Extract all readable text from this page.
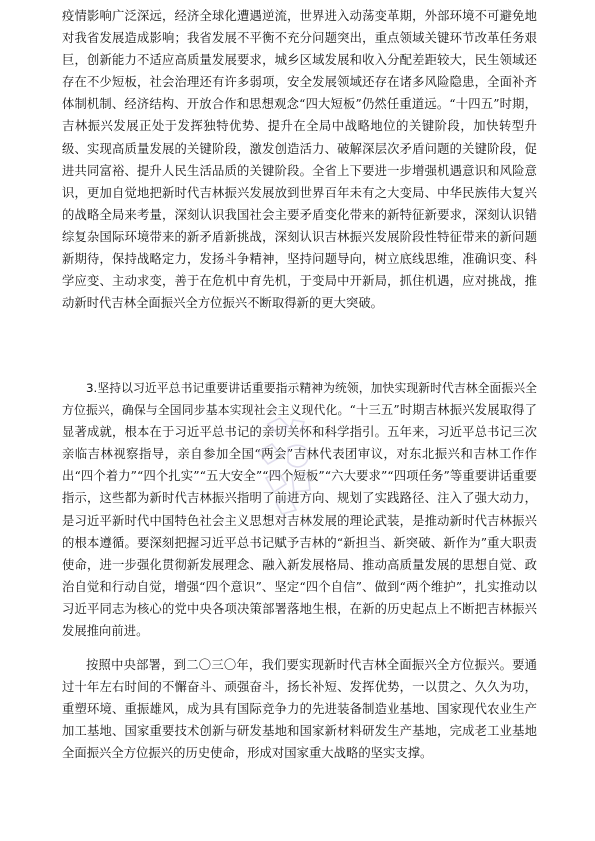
疫情影响广泛深远，经济全球化遭遇逆流，世界进入动荡变革期，外部环境不可避免地对我省发展造成影响；我省发展不平衡不充分问题突出，重点领域关键环节改革任务艰巨，创新能力不适应高质量发展要求，城乡区域发展和收入分配差距较大，民生领域还存在不少短板，社会治理还有许多弱项，安全发展领域还存在诸多风险隐患，全面补齐体制机制、经济结构、开放合作和思想观念“四大短板”仍然任重道远。“十四五”时期，吉林振兴发展正处于发挥独特优势、提升在全局中战略地位的关键阶段，加快转型升级、实现高质量发展的关键阶段，激发创造活力、破解深层次矛盾问题的关键阶段，促进共同富裕、提升人民生活品质的关键阶段。全省上下要进一步增强机遇意识和风险意识，更加自觉地把新时代吉林振兴发展放到世界百年未有之大变局、中华民族伟大复兴的战略全局来考量，深刻认识我国社会主要矛盾变化带来的新特征新要求，深刻认识错综复杂国际环境带来的新矛盾新挑战，深刻认识吉林振兴发展阶段性特征带来的新问题新期待，保持战略定力，发扬斗争精神，坚持问题导向，树立底线思维，准确识变、科学应变、主动求变，善于在危机中育先机，于变局中开新局，抓住机遇，应对挑战，推动新时代吉林全面振兴全方位振兴不断取得新的更大突破。

3.坚持以习近平总书记重要讲话重要指示精神为统领，加快实现新时代吉林全面振兴全方位振兴，确保与全国同步基本实现社会主义现代化。“十三五”时期吉林振兴发展取得了显著成就，根本在于习近平总书记的亲切关怀和科学指引。五年来，习近平总书记三次亲临吉林视察指导，亲自参加全国“两会”吉林代表团审议，对东北振兴和吉林工作作出“四个着力”“四个扎实”“五大安全”“四个短板”“六大要求”“四项任务”等重要讲话重要指示，这些都为新时代吉林振兴指明了前进方向、规划了实践路径、注入了强大动力，是习近平新时代中国特色社会主义思想对吉林发展的理论武装，是推动新时代吉林振兴的根本遵循。要深刻把握习近平总书记赋予吉林的“新担当、新突破、新作为”重大职责使命，进一步强化贯彻新发展理念、融入新发展格局、推动高质量发展的思想自觉、政治自觉和行动自觉，增强“四个意识”、坚定“四个自信”、做到“两个维护”，扎实推动以习近平同志为核心的党中央各项决策部署落地生根，在新的历史起点上不断把吉林振兴发展推向前进。

按照中央部署，到二〇三〇年，我们要实现新时代吉林全面振兴全方位振兴。要通过十年左右时间的不懈奋斗、顽强奋斗，扬长补短、发挥优势，一以贯之、久久为功，重塑环境、重振雄风，成为具有国际竞争力的先进装备制造业基地、国家现代农业生产加工基地、国家重要技术创新与研发基地和国家新材料研发生产基地，完成老工业基地全面振兴全方位振兴的历史使命，形成对国家重大战略的坚实支撑。
